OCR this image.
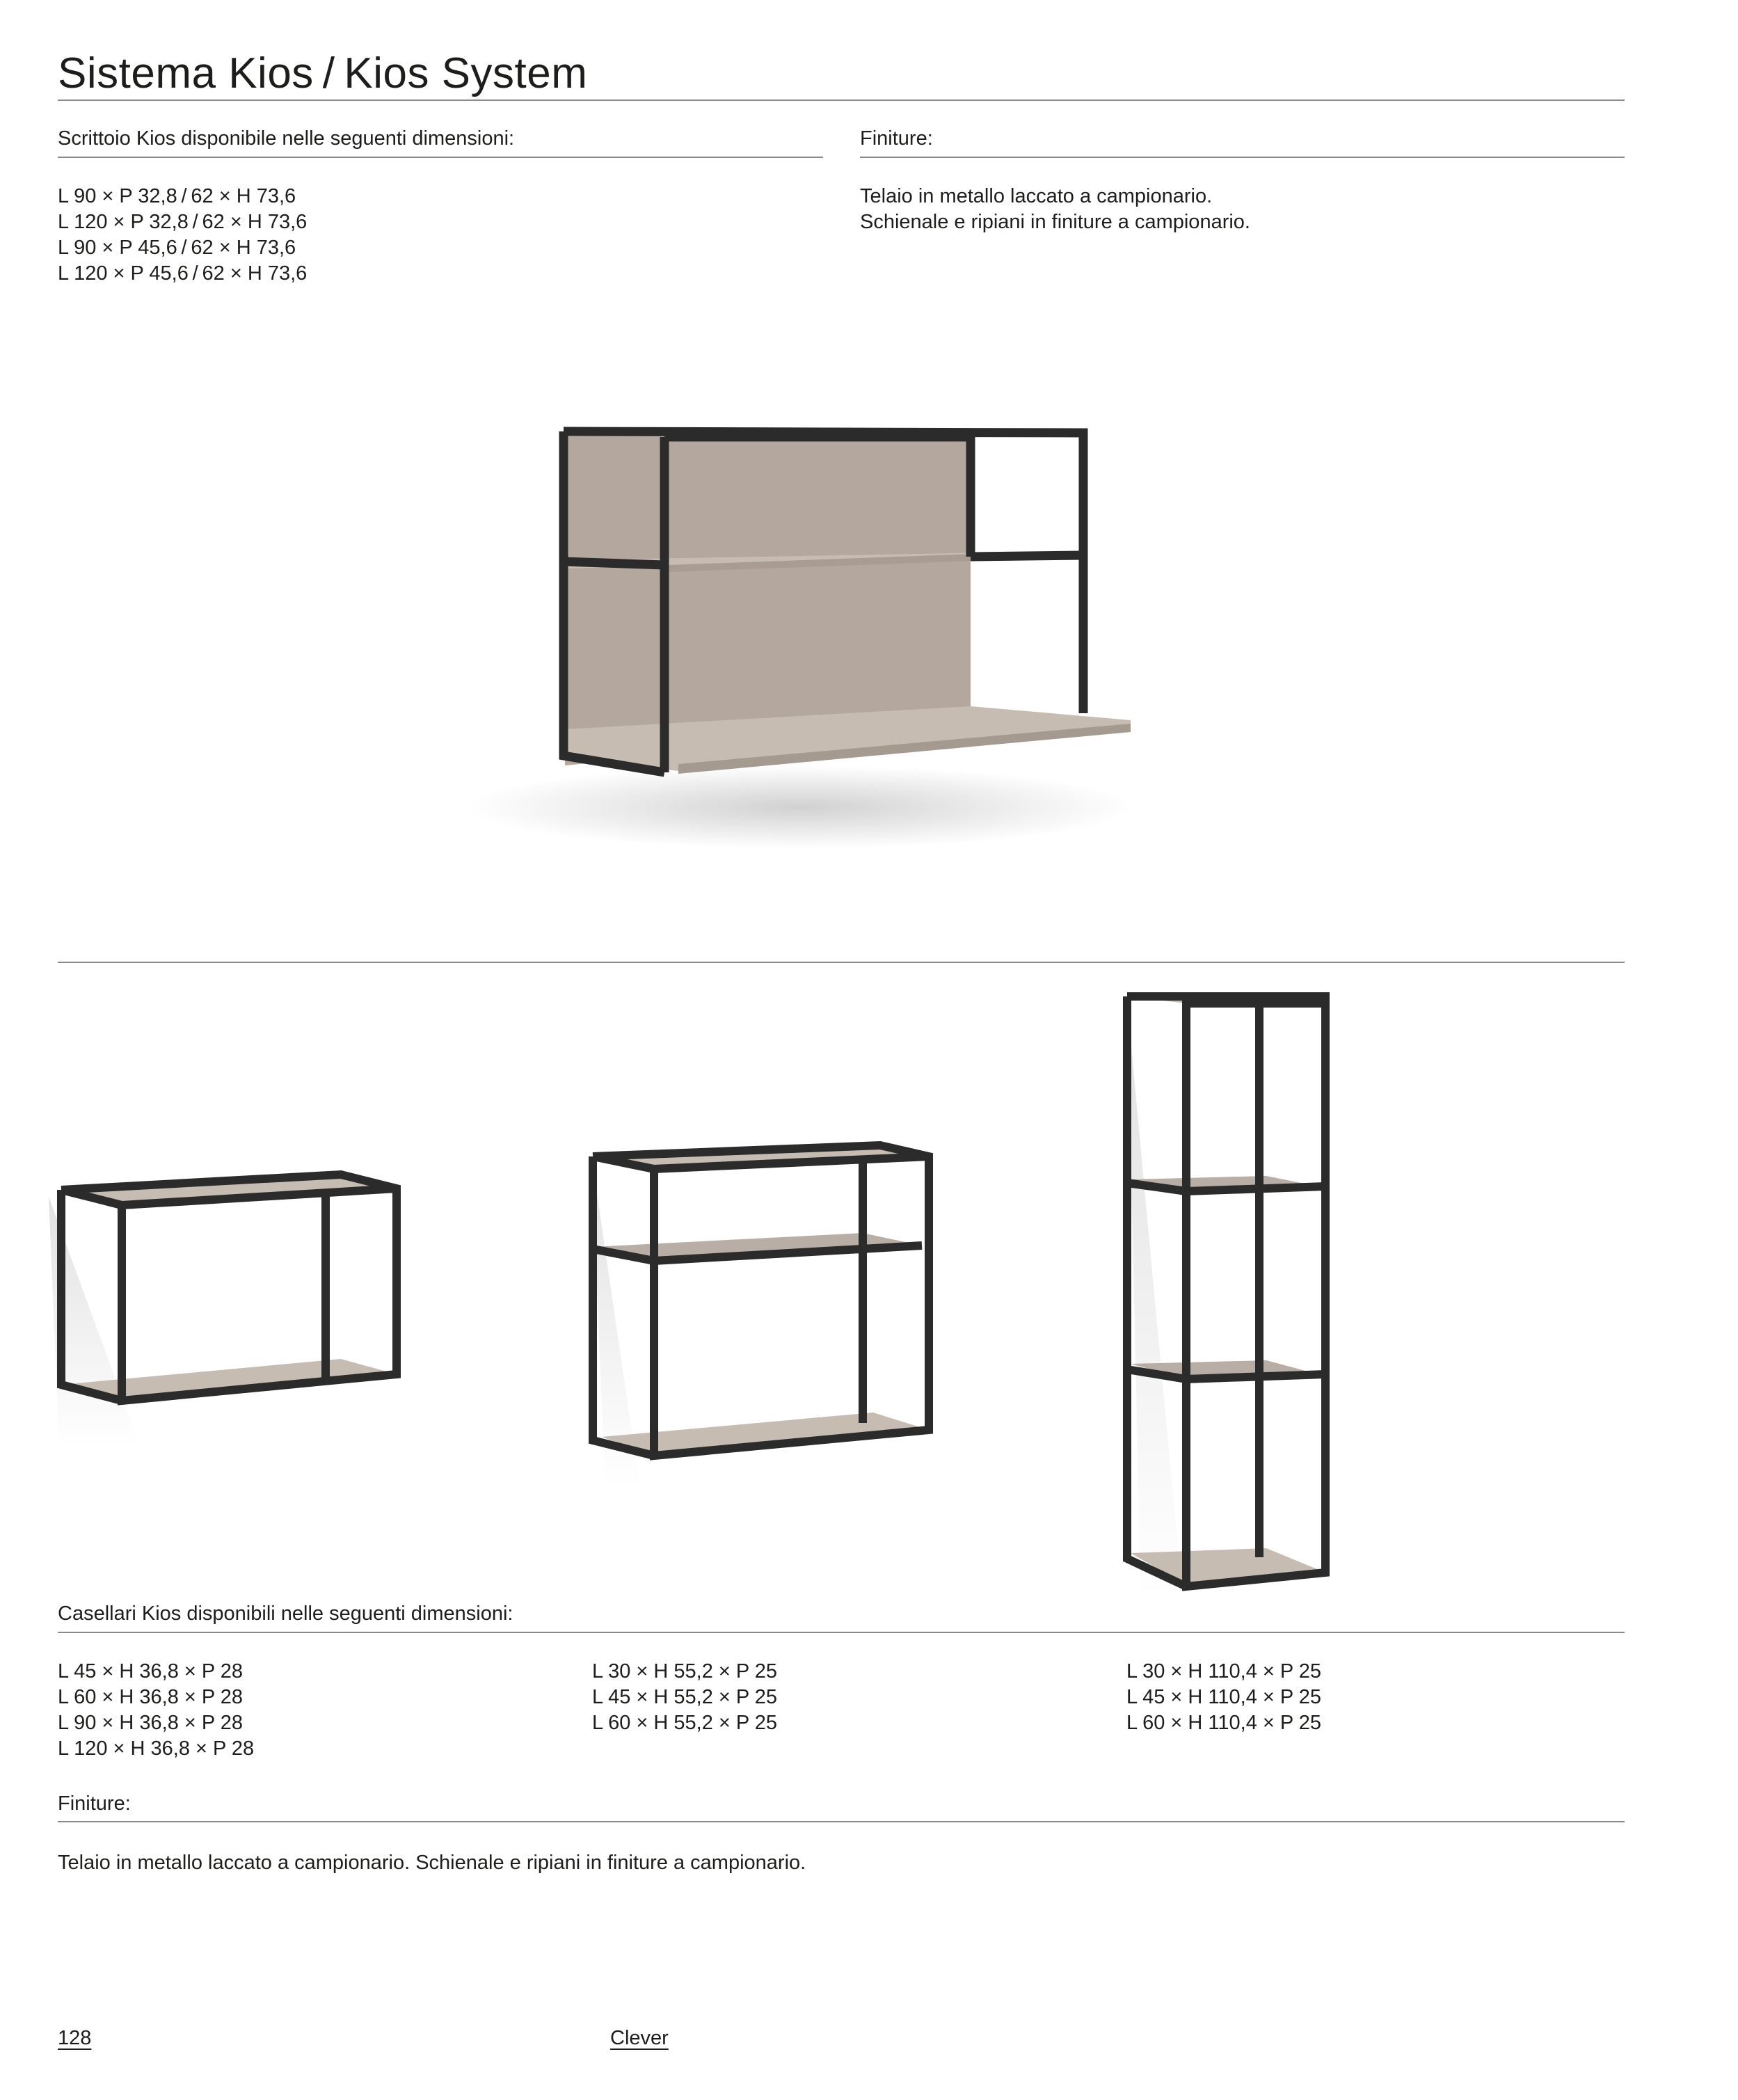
Sistema Kios / Kios System
Scrittoio Kios disponibile nelle seguenti dimensioni:
L 90 × P 32,8 / 62 × H 73,6
L 120 × P 32,8 / 62 × H 73,6
L 90 × P 45,6 / 62 × H 73,6
L 120 × P 45,6 / 62 × H 73,6
Finiture:
Telaio in metallo laccato a campionario.
Schienale e ripiani in finiture a campionario.
Casellari Kios disponibili nelle seguenti dimensioni:
L 45 × H 36,8 × P 28
L 60 × H 36,8 × P 28
L 90 × H 36,8 × P 28
L 120 × H 36,8 × P 28
L 30 × H 55,2 × P 25
L 45 × H 55,2 × P 25
L 60 × H 55,2 × P 25
L 30 × H 110,4 × P 25
L 45 × H 110,4 × P 25
L 60 × H 110,4 × P 25
Finiture:
Telaio in metallo laccato a campionario. Schienale e ripiani in finiture a campionario.
128	Clever
